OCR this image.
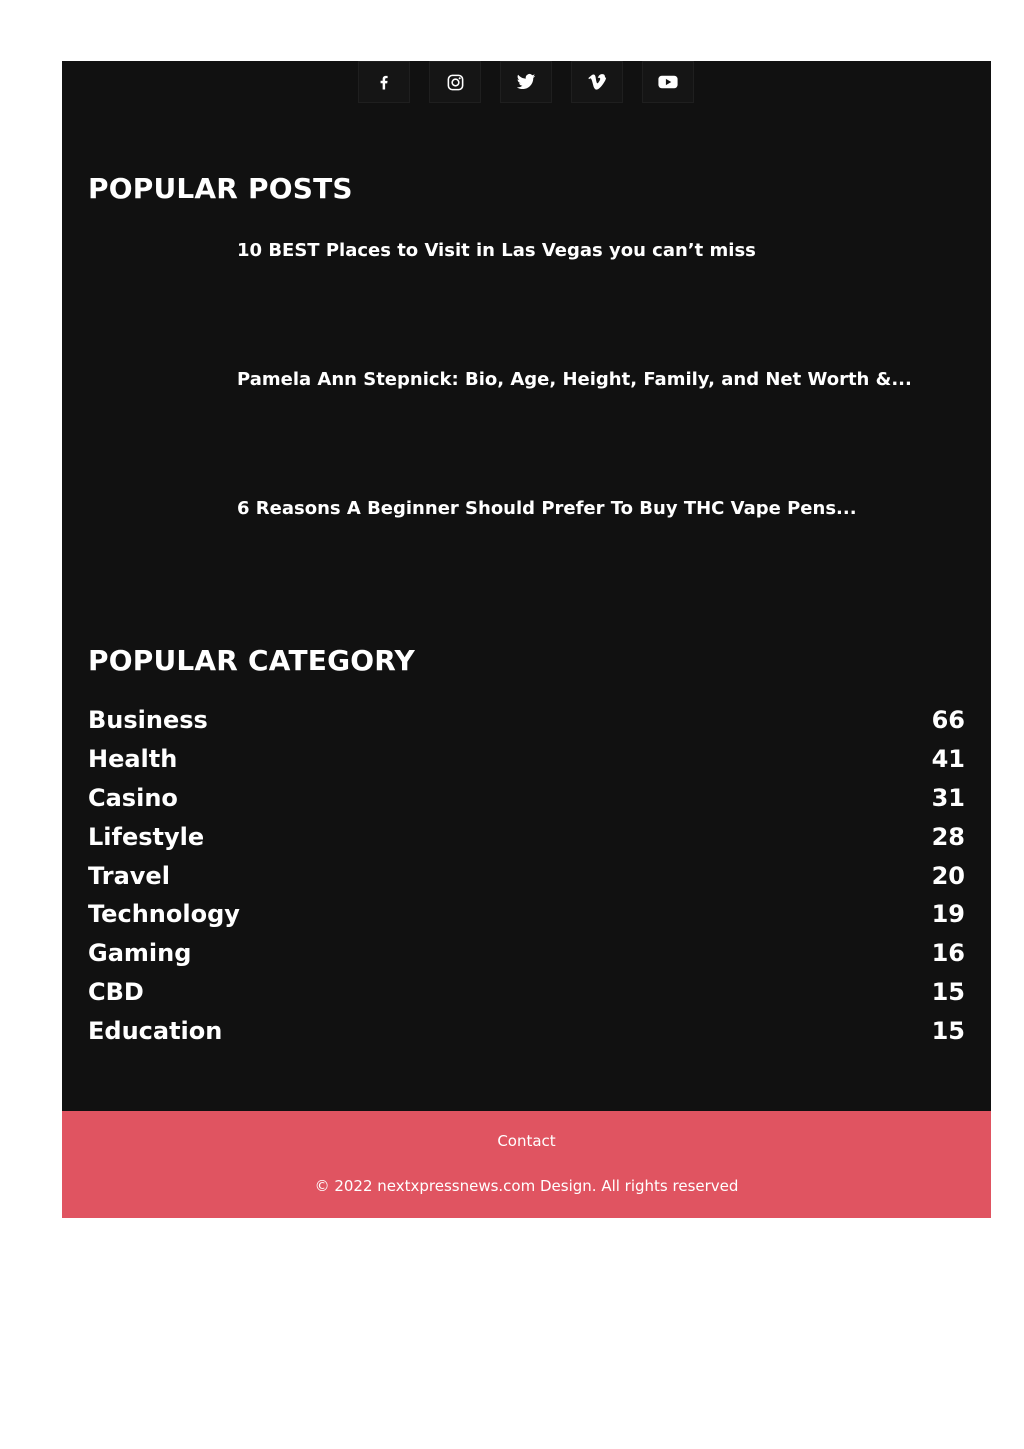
POPULAR POSTS
10 BEST Places to Visit in Las Vegas you can’t miss
Pamela Ann Stepnick: Bio, Age, Height, Family, and Net Worth &...
6 Reasons A Beginner Should Prefer To Buy THC Vape Pens...
POPULAR CATEGORY
Business	66
Health	41
Casino	31
Lifestyle	28
Travel	20
Technology	19
Gaming	16
CBD	15
Education	15
Contact
© 2022 nextxpressnews.com Design. All rights reserved
